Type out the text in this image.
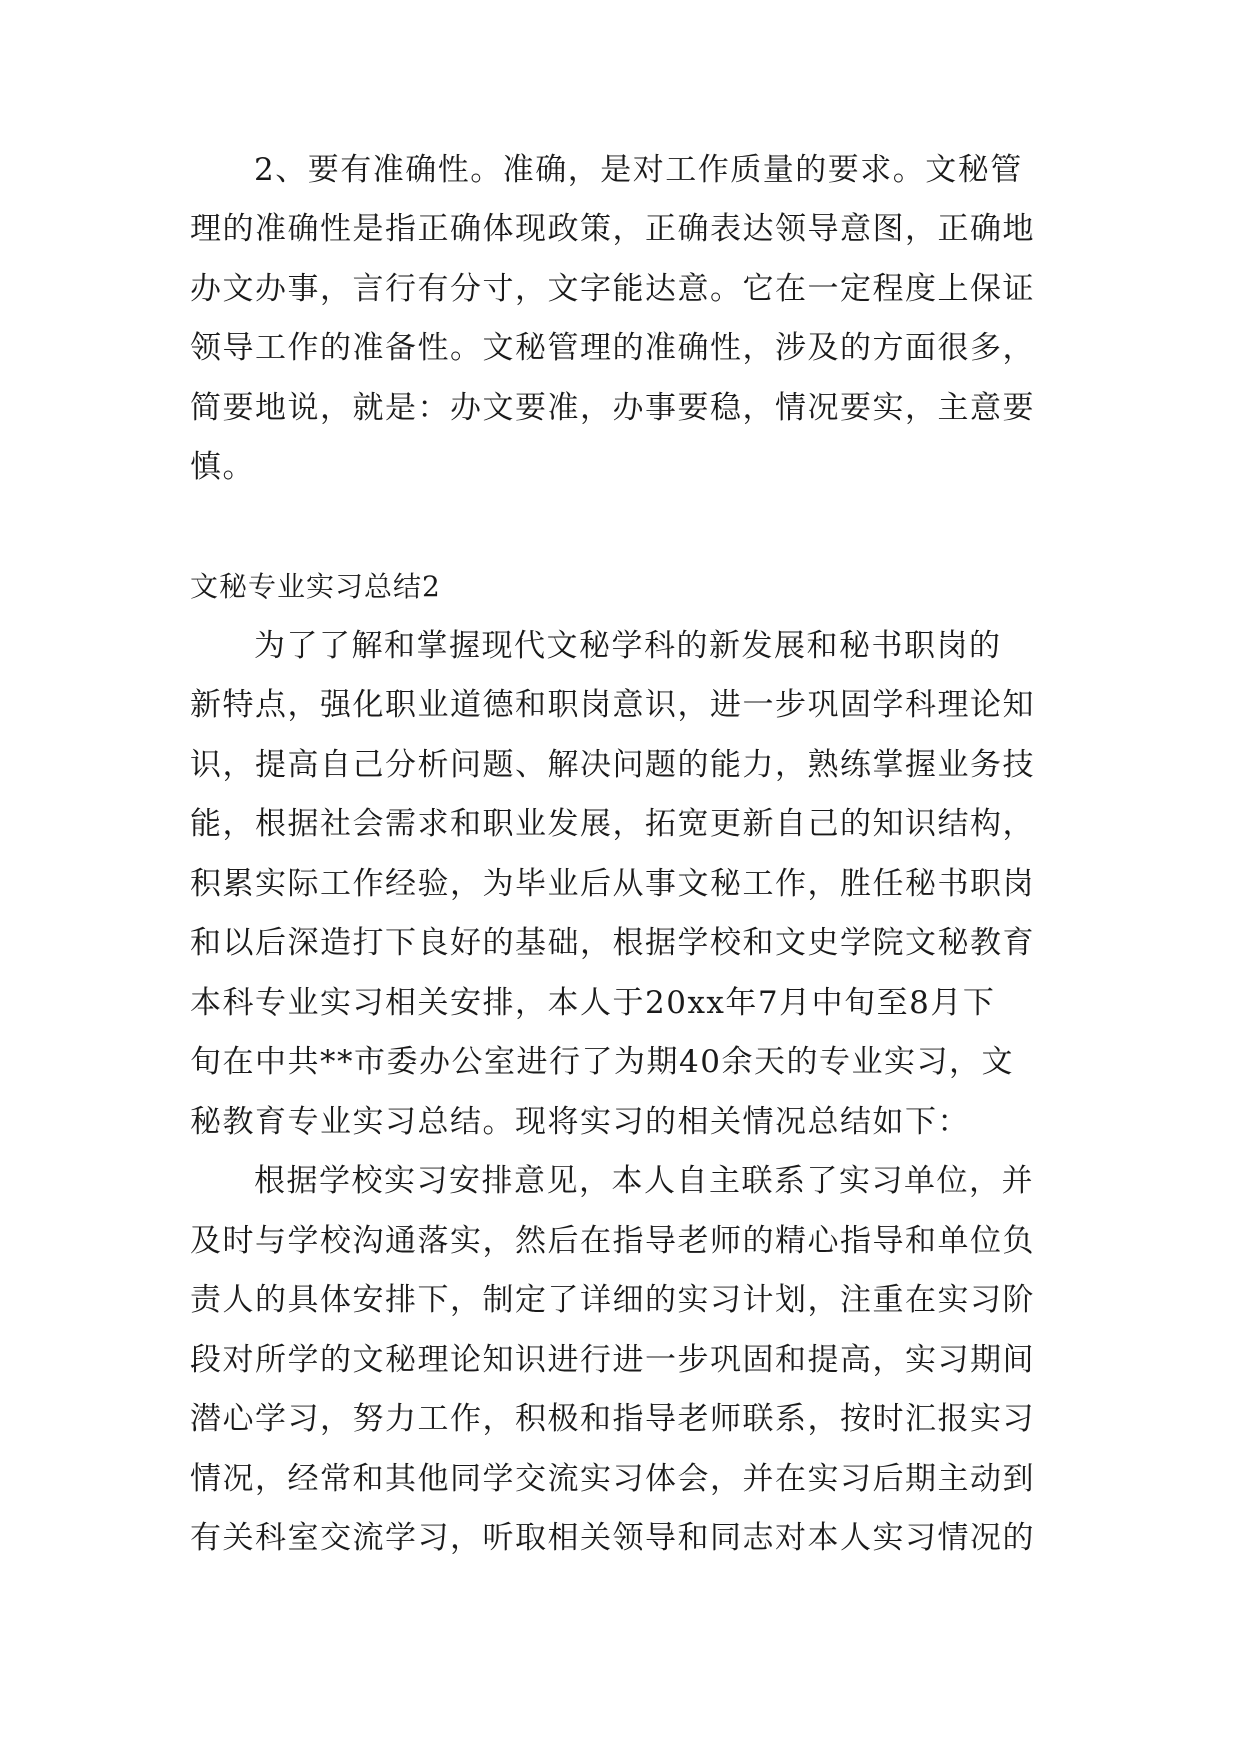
2、要有准确性。准确，是对工作质量的要求。文秘管
理的准确性是指正确体现政策，正确表达领导意图，正确地
办文办事，言行有分寸，文字能达意。它在一定程度上保证
领导工作的准备性。文秘管理的准确性，涉及的方面很多，
简要地说，就是：办文要准，办事要稳，情况要实，主意要
慎。
文秘专业实习总结2
为了了解和掌握现代文秘学科的新发展和秘书职岗的
新特点，强化职业道德和职岗意识，进一步巩固学科理论知
识，提高自己分析问题、解决问题的能力，熟练掌握业务技
能，根据社会需求和职业发展，拓宽更新自己的知识结构，
积累实际工作经验，为毕业后从事文秘工作，胜任秘书职岗
和以后深造打下良好的基础，根据学校和文史学院文秘教育
本科专业实习相关安排，本人于20xx年7月中旬至8月下
旬在中共**市委办公室进行了为期40余天的专业实习，文
秘教育专业实习总结。现将实习的相关情况总结如下：
根据学校实习安排意见，本人自主联系了实习单位，并
及时与学校沟通落实，然后在指导老师的精心指导和单位负
责人的具体安排下，制定了详细的实习计划，注重在实习阶
段对所学的文秘理论知识进行进一步巩固和提高，实习期间
潜心学习，努力工作，积极和指导老师联系，按时汇报实习
情况，经常和其他同学交流实习体会，并在实习后期主动到
有关科室交流学习，听取相关领导和同志对本人实习情况的
